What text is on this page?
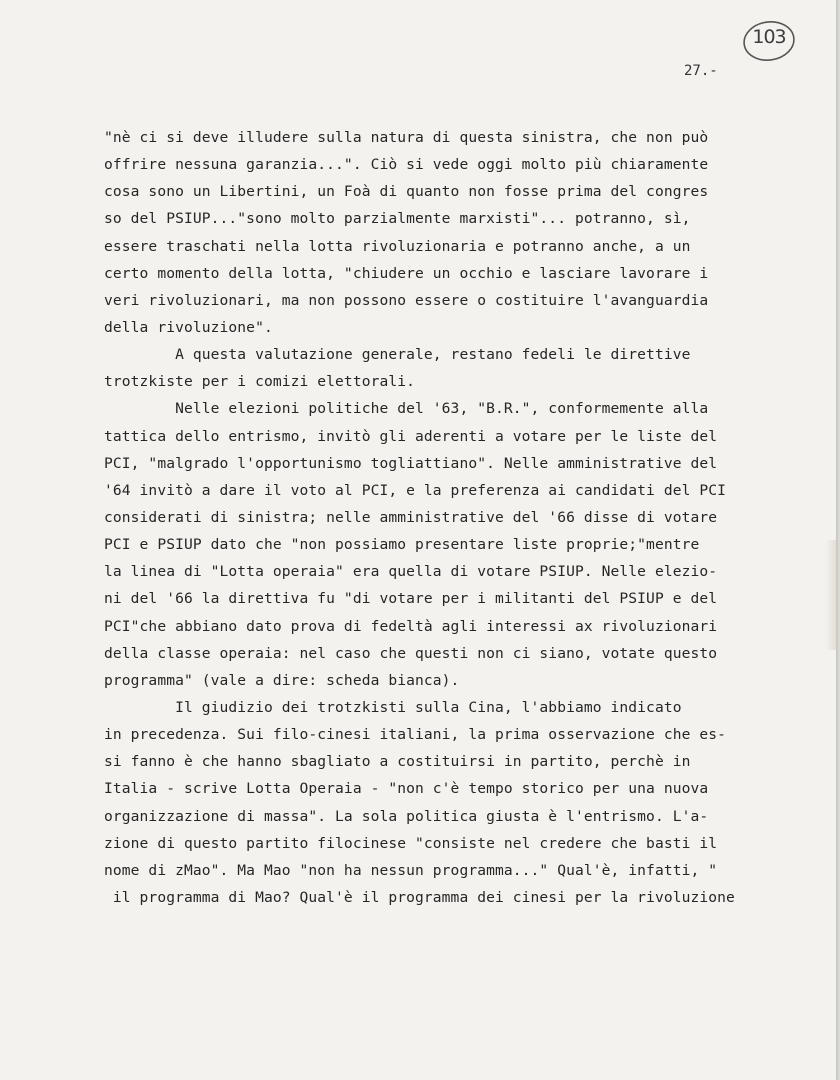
103
27.-
"nè ci si deve illudere sulla natura di questa sinistra, che non può
offrire nessuna garanzia...". Ciò si vede oggi molto più chiaramente
cosa sono un Libertini, un Foà di quanto non fosse prima del congres
so del PSIUP..."sono molto parzialmente marxisti"... potranno, sì,
essere traschati nella lotta rivoluzionaria e potranno anche, a un
certo momento della lotta, "chiudere un occhio e lasciare lavorare i
veri rivoluzionari, ma non possono essere o costituire l'avanguardia
della rivoluzione".
A questa valutazione generale, restano fedeli le direttive
trotzkiste per i comizi elettorali.
Nelle elezioni politiche del '63, "B.R.", conformemente alla
tattica dello entrismo, invitò gli aderenti a votare per le liste del
PCI, "malgrado l'opportunismo togliattiano". Nelle amministrative del
'64 invitò a dare il voto al PCI, e la preferenza ai candidati del PCI
considerati di sinistra; nelle amministrative del '66 disse di votare
PCI e PSIUP dato che "non possiamo presentare liste proprie;"mentre
la linea di "Lotta operaia" era quella di votare PSIUP. Nelle elezio-
ni del '66 la direttiva fu "di votare per i militanti del PSIUP e del
PCI"che abbiano dato prova di fedeltà agli interessi ax rivoluzionari
della classe operaia: nel caso che questi non ci siano, votate questo
programma" (vale a dire: scheda bianca).
Il giudizio dei trotzkisti sulla Cina, l'abbiamo indicato
in precedenza. Sui filo-cinesi italiani, la prima osservazione che es-
si fanno è che hanno sbagliato a costituirsi in partito, perchè in
Italia - scrive Lotta Operaia - "non c'è tempo storico per una nuova
organizzazione di massa". La sola politica giusta è l'entrismo. L'a-
zione di questo partito filocinese "consiste nel credere che basti il
nome di zMao". Ma Mao "non ha nessun programma..." Qual'è, infatti, "
il programma di Mao? Qual'è il programma dei cinesi per la rivoluzione
